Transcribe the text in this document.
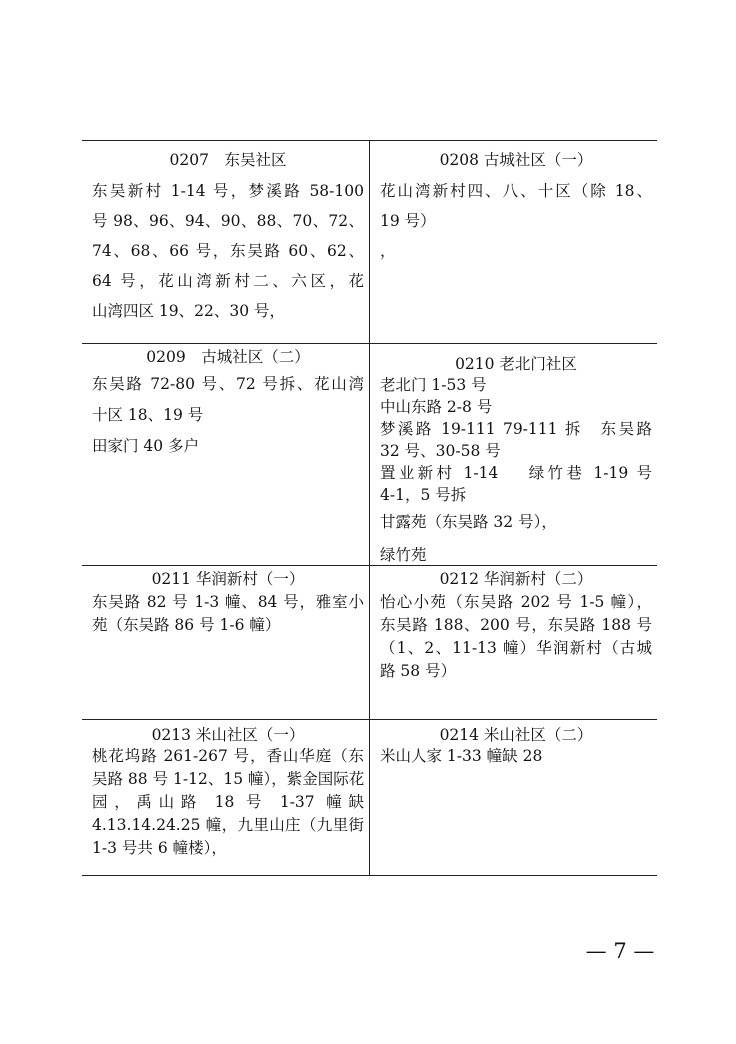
0207　东吴社区
东吴新村 1-14 号，梦溪路 58-100
号 98、96、94、90、88、70、72、
74、68、66 号，东吴路 60、62、
64 号，花山湾新村二、六区，花
山湾四区 19、22、30 号，
0208 古城社区（一）
花山湾新村四、八、十区（除 18、
19 号）
，
0209　古城社区（二）
东吴路 72-80 号、72 号拆、花山湾
十区 18、19 号
田家门 40 多户
0210 老北门社区
老北门 1-53 号
中山东路 2-8 号
梦溪路 19-111 79-111 拆　东吴路
32 号、30-58 号
置业新村 1-14　 绿竹巷 1-19 号
4-1，5 号拆
甘露苑（东吴路 32 号），
绿竹苑
0211 华润新村（一）
东吴路 82 号 1-3 幢、84 号，雅室小
苑（东吴路 86 号 1-6 幢）
0212 华润新村（二）
怡心小苑（东吴路 202 号 1-5 幢），
东吴路 188、200 号，东吴路 188 号
（1、2、11-13 幢）华润新村（古城
路 58 号）
0213 米山社区（一）
桃花坞路 261-267 号，香山华庭（东
吴路 88 号 1-12、15 幢），紫金国际花
园，禹山路 18 号 1-37 幢缺
4.13.14.24.25 幢，九里山庄（九里街
1-3 号共 6 幢楼），
0214 米山社区（二）
米山人家 1-33 幢缺 28
— 7 —
